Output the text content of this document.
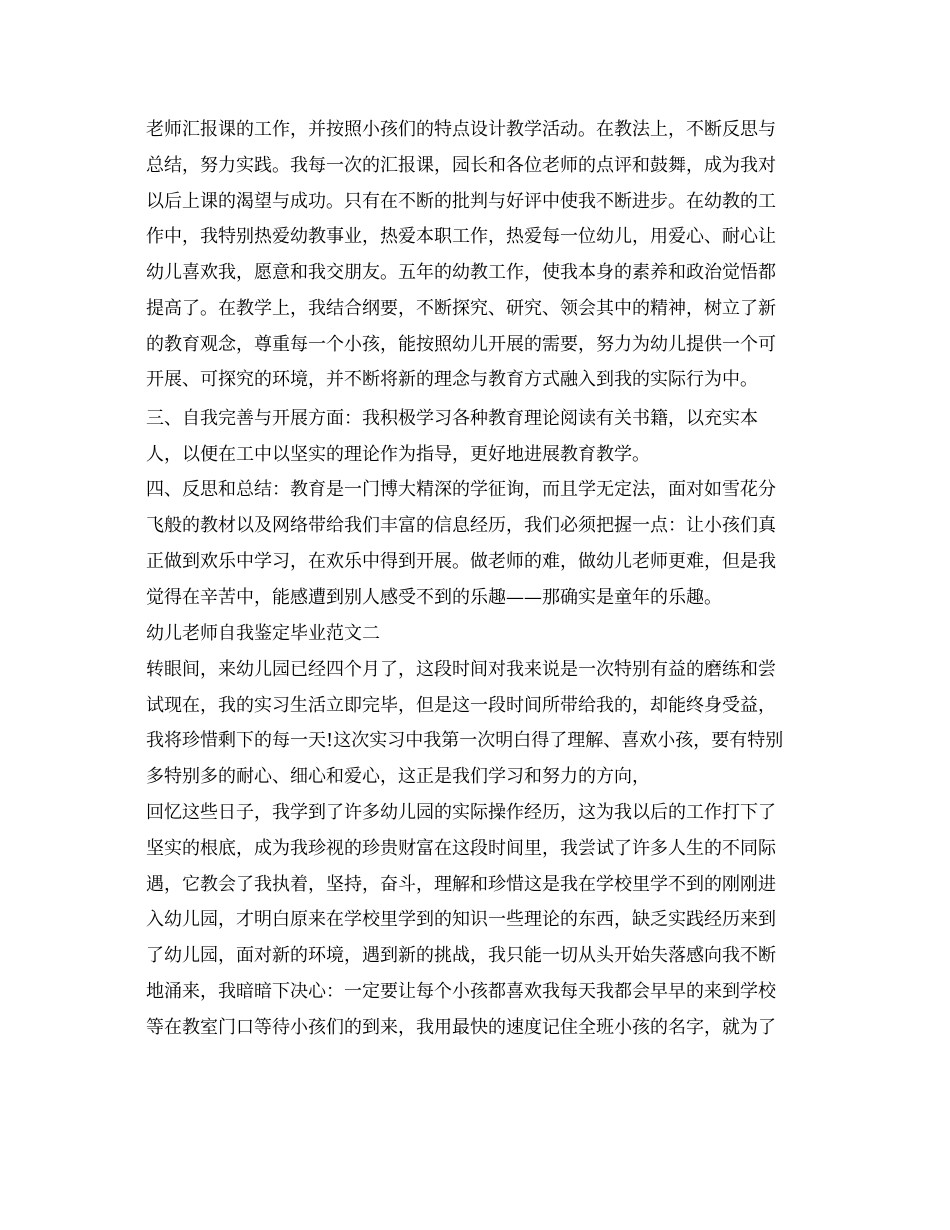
老师汇报课的工作，并按照小孩们的特点设计教学活动。在教法上，不断反思与

总结，努力实践。我每一次的汇报课，园长和各位老师的点评和鼓舞，成为我对

以后上课的渴望与成功。只有在不断的批判与好评中使我不断进步。在幼教的工

作中，我特别热爱幼教事业，热爱本职工作，热爱每一位幼儿，用爱心、耐心让

幼儿喜欢我，愿意和我交朋友。五年的幼教工作，使我本身的素养和政治觉悟都

提高了。在教学上，我结合纲要，不断探究、研究、领会其中的精神，树立了新

的教育观念，尊重每一个小孩，能按照幼儿开展的需要，努力为幼儿提供一个可

开展、可探究的环境，并不断将新的理念与教育方式融入到我的实际行为中。

三、自我完善与开展方面：我积极学习各种教育理论阅读有关书籍，以充实本

人，以便在工中以坚实的理论作为指导，更好地进展教育教学。

四、反思和总结：教育是一门博大精深的学征询，而且学无定法，面对如雪花分

飞般的教材以及网络带给我们丰富的信息经历，我们必须把握一点：让小孩们真

正做到欢乐中学习，在欢乐中得到开展。做老师的难，做幼儿老师更难，但是我

觉得在辛苦中，能感遭到别人感受不到的乐趣——那确实是童年的乐趣。

幼儿老师自我鉴定毕业范文二

转眼间，来幼儿园已经四个月了，这段时间对我来说是一次特别有益的磨练和尝

试现在，我的实习生活立即完毕，但是这一段时间所带给我的，却能终身受益，

我将珍惜剩下的每一天!这次实习中我第一次明白得了理解、喜欢小孩，要有特别

多特别多的耐心、细心和爱心，这正是我们学习和努力的方向，

回忆这些日子，我学到了许多幼儿园的实际操作经历，这为我以后的工作打下了

坚实的根底，成为我珍视的珍贵财富在这段时间里，我尝试了许多人生的不同际

遇，它教会了我执着，坚持，奋斗，理解和珍惜这是我在学校里学不到的刚刚进

入幼儿园，才明白原来在学校里学到的知识一些理论的东西，缺乏实践经历来到

了幼儿园，面对新的环境，遇到新的挑战，我只能一切从头开始失落感向我不断

地涌来，我暗暗下决心：一定要让每个小孩都喜欢我每天我都会早早的来到学校

等在教室门口等待小孩们的到来，我用最快的速度记住全班小孩的名字，就为了
